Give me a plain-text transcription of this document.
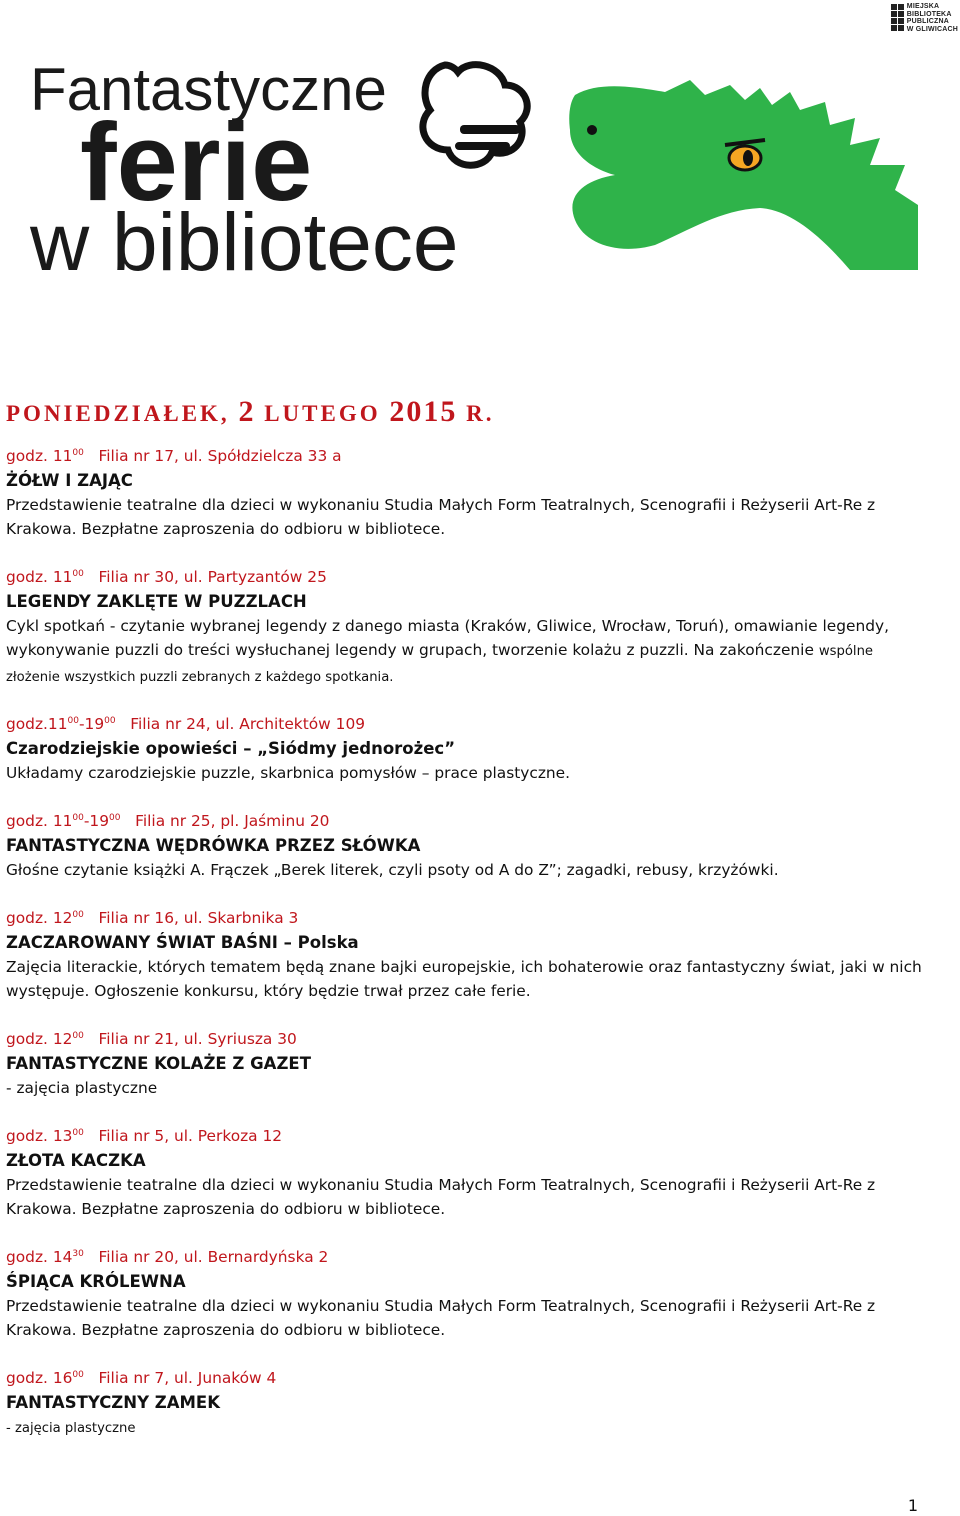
MIEJSKA
BIBLIOTEKA
PUBLICZNA
W GLIWICACH
Fantastyczne
ferie
w bibliotece
PONIEDZIAŁEK, 2 LUTEGO 2015 R.
godz. $11^{00}$ Filia nr 17, ul. Spółdzielcza 33 a
ŻÓŁW I ZAJĄC
Przedstawienie teatralne dla dzieci w wykonaniu Studia Małych Form Teatralnych, Scenografii i Reżyserii Art-Re z Krakowa. Bezpłatne zaproszenia do odbioru w bibliotece.
godz. $11^{00}$ Filia nr 30, ul. Partyzantów 25
LEGENDY ZAKLĘTE W PUZZLACH
Cykl spotkań - czytanie wybranej legendy z danego miasta (Kraków, Gliwice, Wrocław, Toruń), omawianie legendy, wykonywanie puzzli do treści wysłuchanej legendy w grupach, tworzenie kolażu z puzzli. Na zakończenie wspólne złożenie wszystkich puzzli zebranych z każdego spotkania.
$godz.11^{00}-19^{00}$ Filia nr 24, ul. Architektów 109
Czarodziejskie opowieści – „Siódmy jednorożec”
Układamy czarodziejskie puzzle, skarbnica pomysłów – prace plastyczne.
godz. $11^{00}-19^{00}$ Filia nr 25, pl. Jaśminu 20
FANTASTYCZNA WĘDRÓWKA PRZEZ SŁÓWKA
Głośne czytanie książki A. Frączek „Berek literek, czyli psoty od A do Z”; zagadki, rebusy, krzyżówki.
godz. $12^{00}$ Filia nr 16, ul. Skarbnika 3
ZACZAROWANY ŚWIAT BAŚNI – Polska
Zajęcia literackie, których tematem będą znane bajki europejskie, ich bohaterowie oraz fantastyczny świat, jaki w nich występuje. Ogłoszenie konkursu, który będzie trwał przez całe ferie.
godz. $12^{00}$ Filia nr 21, ul. Syriusza 30
FANTASTYCZNE KOLAŻE Z GAZET
- zajęcia plastyczne
godz. $13^{00}$ Filia nr 5, ul. Perkoza 12
ZŁOTA KACZKA
Przedstawienie teatralne dla dzieci w wykonaniu Studia Małych Form Teatralnych, Scenografii i Reżyserii Art-Re z Krakowa. Bezpłatne zaproszenia do odbioru w bibliotece.
godz. $14^{30}$ Filia nr 20, ul. Bernardyńska 2
ŚPIĄCA KRÓLEWNA
Przedstawienie teatralne dla dzieci w wykonaniu Studia Małych Form Teatralnych, Scenografii i Reżyserii Art-Re z Krakowa. Bezpłatne zaproszenia do odbioru w bibliotece.
godz. $16^{00}$ Filia nr 7, ul. Junaków 4
FANTASTYCZNY ZAMEK
- zajęcia plastyczne
1
